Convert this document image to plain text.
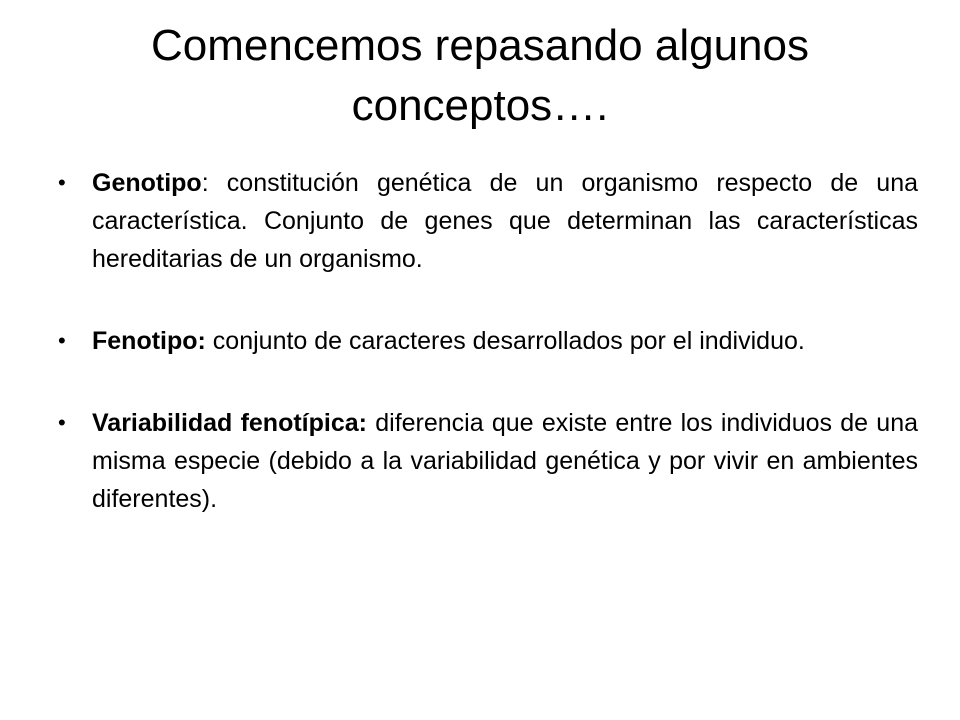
Comencemos repasando algunos conceptos….
•	Genotipo: constitución genética de un organismo respecto de una característica. Conjunto de genes que determinan las características hereditarias de un organismo.
•	Fenotipo: conjunto de caracteres desarrollados por el individuo.
•	Variabilidad fenotípica: diferencia que existe entre los individuos de una misma especie (debido a la variabilidad genética y por vivir en ambientes diferentes).
